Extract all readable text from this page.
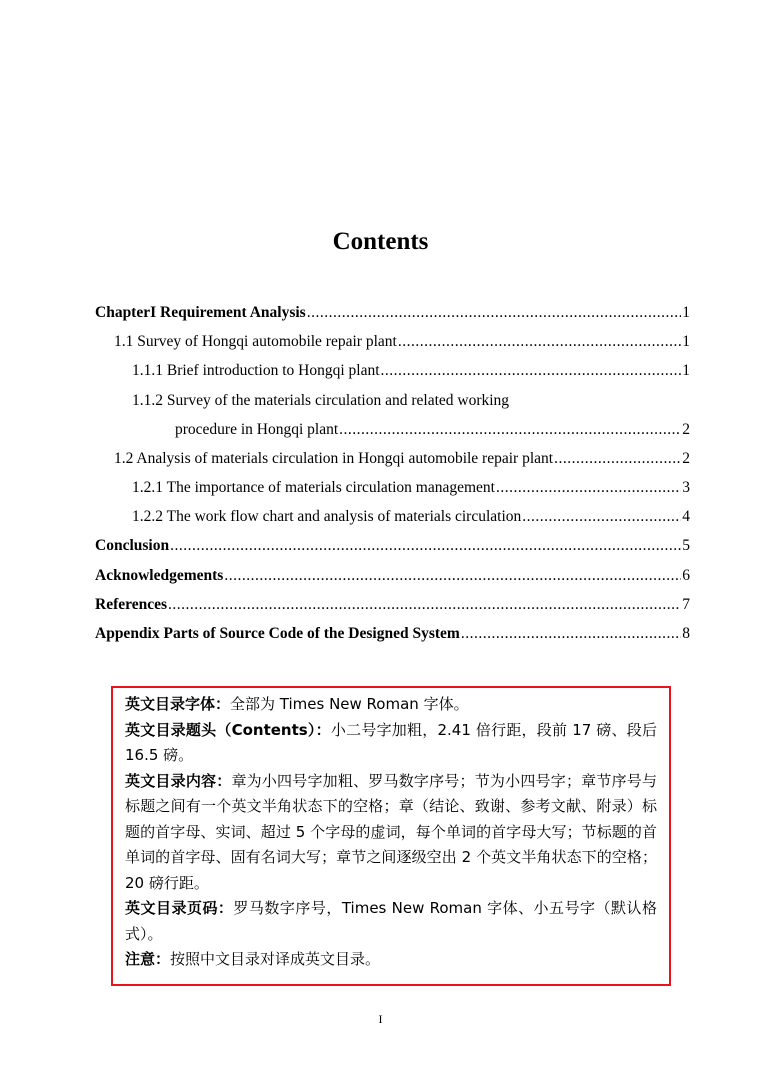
Contents
ChapterI Requirement Analysis .....	1
1.1 Survey of Hongqi automobile repair plant .....	1
1.1.1 Brief introduction to Hongqi plant .....	1
1.1.2 Survey of the materials circulation and related working
procedure in Hongqi plant .....	2
1.2 Analysis of materials circulation in Hongqi automobile repair plant .....	2
1.2.1 The importance of materials circulation management .....	3
1.2.2 The work flow chart and analysis of materials circulation .....	4
Conclusion .....	5
Acknowledgements .....	6
References .....	7
Appendix Parts of Source Code of the Designed System .....	8

英文目录字体：全部为 Times New Roman 字体。

英文目录题头（Contents）：小二号字加粗，2.41 倍行距，段前 17 磅、段后 16.5 磅。

英文目录内容：章为小四号字加粗、罗马数字序号；节为小四号字；章节序号与标题之间有一个英文半角状态下的空格；章（结论、致谢、参考文献、附录）标题的首字母、实词、超过 5 个字母的虚词，每个单词的首字母大写；节标题的首单词的首字母、固有名词大写；章节之间逐级空出 2 个英文半角状态下的空格；20 磅行距。

英文目录页码：罗马数字序号，Times New Roman 字体、小五号字（默认格式）。

注意：按照中文目录对译成英文目录。

I
